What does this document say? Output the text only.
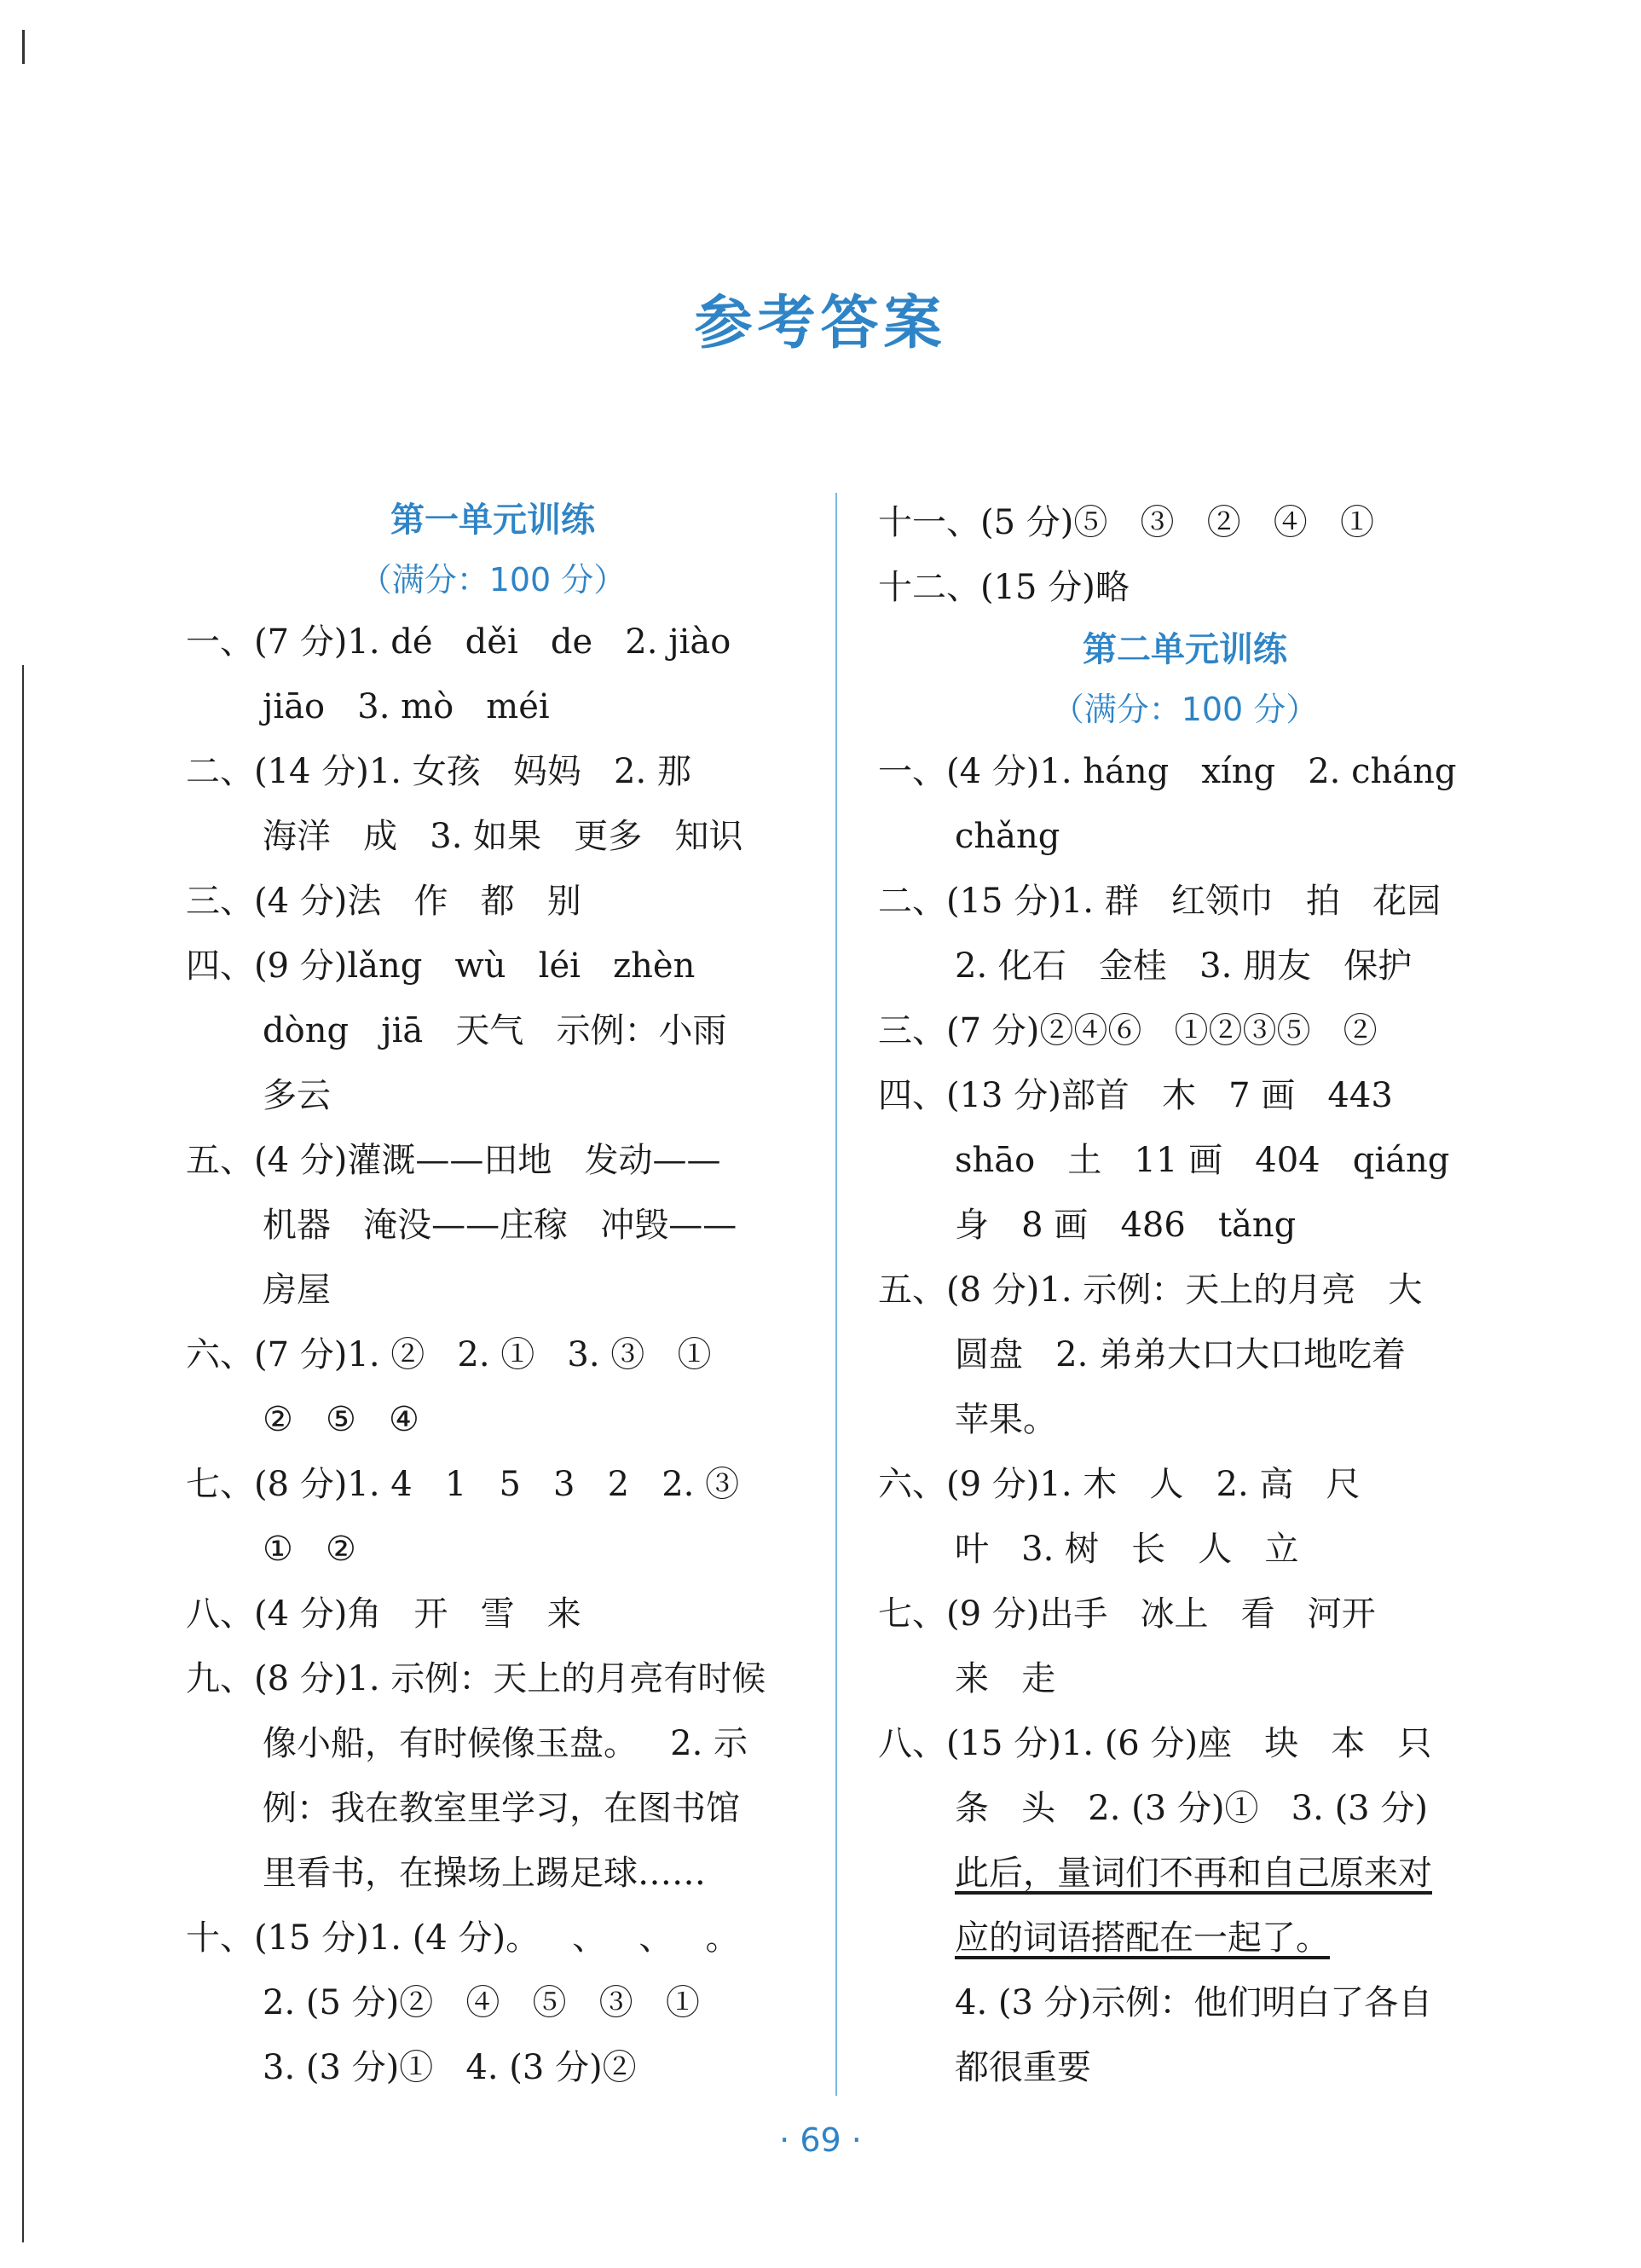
参考答案
第一单元训练
（满分：100 分）
一、(7 分)1. dé   děi   de   2. jiào
jiāo   3. mò   méi
二、(14 分)1. 女孩   妈妈   2. 那
海洋   成   3. 如果   更多   知识
三、(4 分)法   作   都   别
四、(9 分)lǎng   wù   léi   zhèn
dòng   jiā   天气   示例：小雨
多云
五、(4 分)灌溉——田地   发动——
机器   淹没——庄稼   冲毁——
房屋
六、(7 分)1. ②   2. ①   3. ③   ①
②   ⑤   ④
七、(8 分)1. 4   1   5   3   2   2. ③
①   ②
八、(4 分)角   开   雪   来
九、(8 分)1. 示例：天上的月亮有时候
像小船，有时候像玉盘。   2. 示
例：我在教室里学习，在图书馆
里看书，在操场上踢足球……
十、(15 分)1. (4 分)。   、   、   。
2. (5 分)②   ④   ⑤   ③   ①
3. (3 分)①   4. (3 分)②
十一、(5 分)⑤   ③   ②   ④   ①
十二、(15 分)略
第二单元训练
（满分：100 分）
一、(4 分)1. háng   xíng   2. cháng
chǎng
二、(15 分)1. 群   红领巾   拍   花园
2. 化石   金桂   3. 朋友   保护
三、(7 分)②④⑥   ①②③⑤   ②
四、(13 分)部首   木   7 画   443
shāo   土   11 画   404   qiáng
身   8 画   486   tǎng
五、(8 分)1. 示例：天上的月亮   大
圆盘   2. 弟弟大口大口地吃着
苹果。
六、(9 分)1. 木   人   2. 高   尺
叶   3. 树   长   人   立
七、(9 分)出手   冰上   看   河开
来   走
八、(15 分)1. (6 分)座   块   本   只
条   头   2. (3 分)①   3. (3 分)
此后，量词们不再和自己原来对
应的词语搭配在一起了。
4. (3 分)示例：他们明白了各自
都很重要
· 69 ·
